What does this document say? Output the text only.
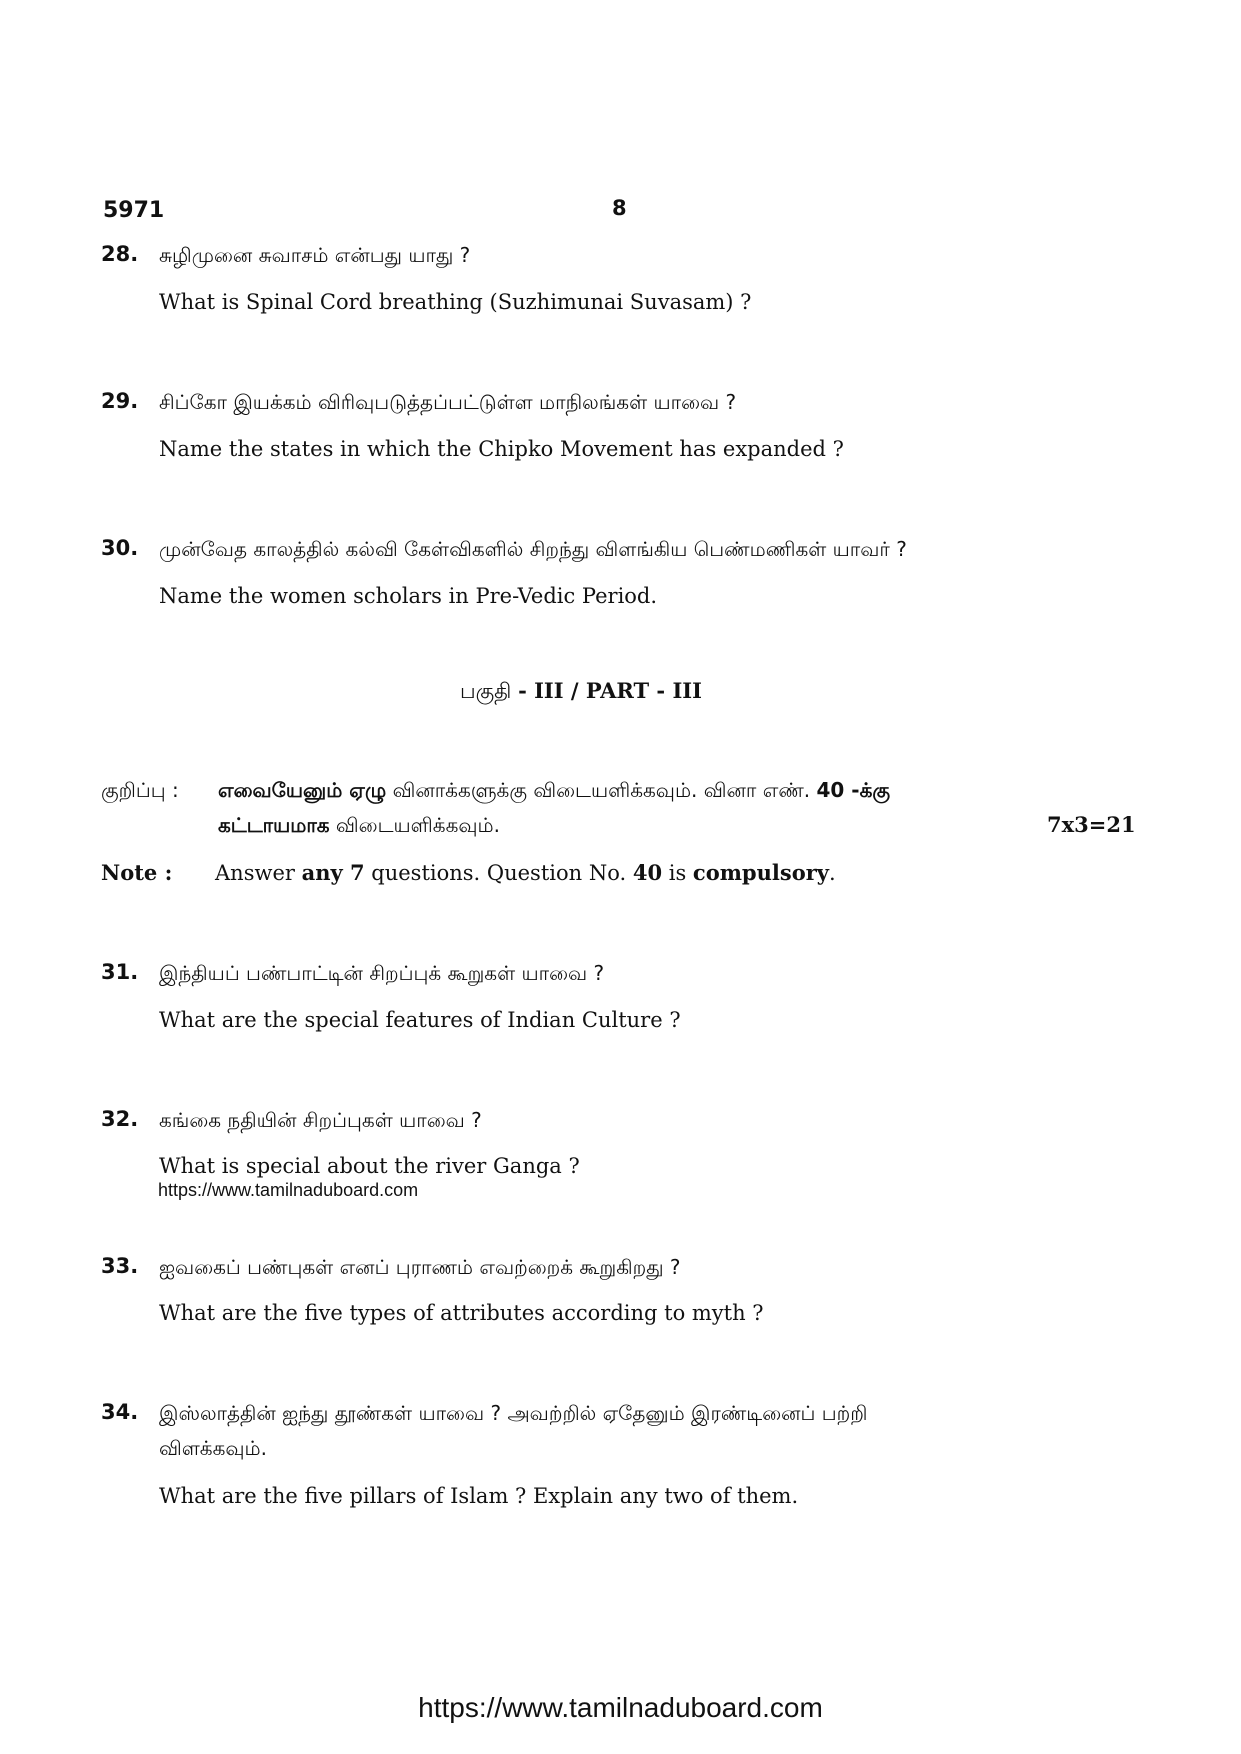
5971	8
28. சுழிமுனை சுவாசம் என்பது யாது ?
What is Spinal Cord breathing (Suzhimunai Suvasam) ?
29. சிப்கோ இயக்கம் விரிவுபடுத்தப்பட்டுள்ள மாநிலங்கள் யாவை ?
Name the states in which the Chipko Movement has expanded ?
30. முன்வேத காலத்தில் கல்வி கேள்விகளில் சிறந்து விளங்கிய பெண்மணிகள் யாவர் ?
Name the women scholars in Pre-Vedic Period.
பகுதி - III / PART - III
குறிப்பு : எவையேனும் ஏழு வினாக்களுக்கு விடையளிக்கவும். வினா எண். 40 -க்கு
கட்டாயமாக விடையளிக்கவும்.	7x3=21
Note : Answer any 7 questions. Question No. 40 is compulsory.
31. இந்தியப் பண்பாட்டின் சிறப்புக் கூறுகள் யாவை ?
What are the special features of Indian Culture ?
32. கங்கை நதியின் சிறப்புகள் யாவை ?
What is special about the river Ganga ?
https://www.tamilnaduboard.com
33. ஐவகைப் பண்புகள் எனப் புராணம் எவற்றைக் கூறுகிறது ?
What are the five types of attributes according to myth ?
34. இஸ்லாத்தின் ஐந்து தூண்கள் யாவை ? அவற்றில் ஏதேனும் இரண்டினைப் பற்றி
விளக்கவும்.
What are the five pillars of Islam ? Explain any two of them.
https://www.tamilnaduboard.com
